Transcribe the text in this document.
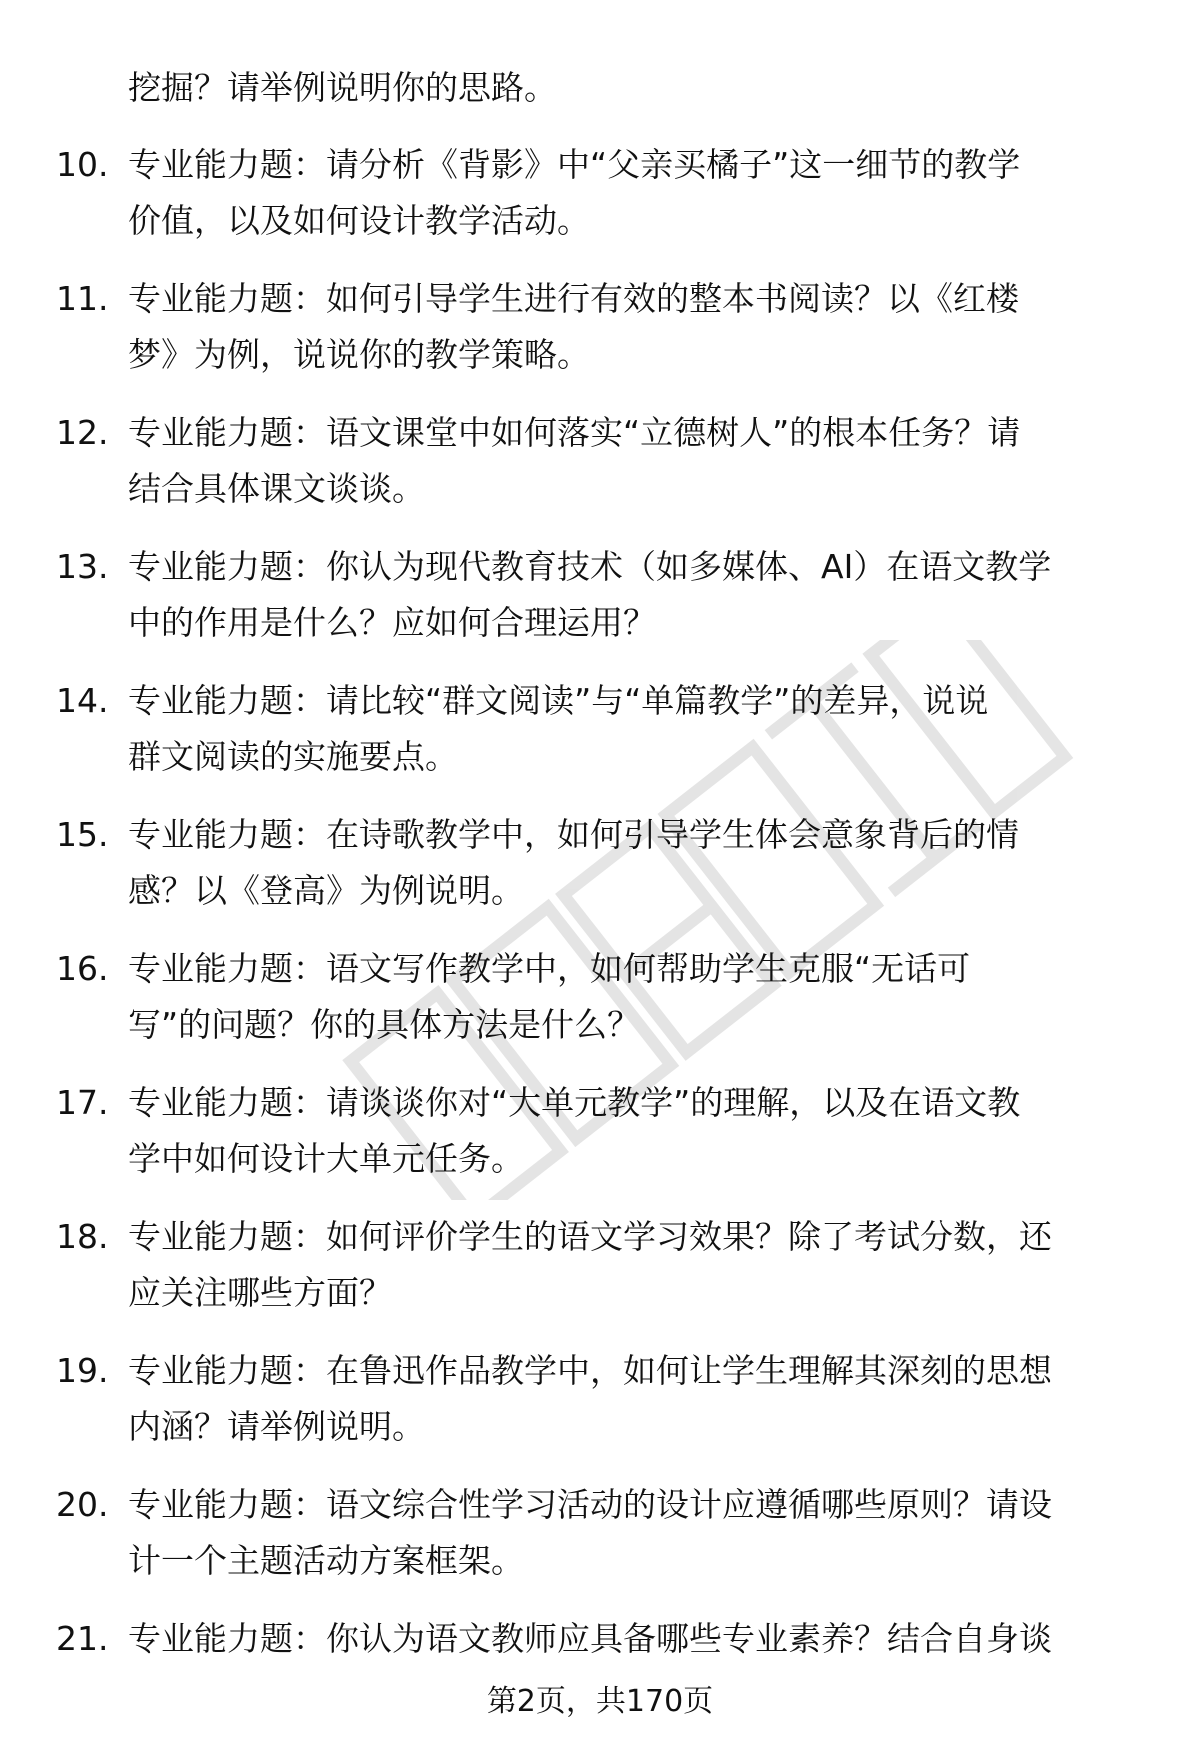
挖掘？请举例说明你的思路。
10. 专业能力题：请分析《背影》中“父亲买橘子”这一细节的教学
价值，以及如何设计教学活动。
11. 专业能力题：如何引导学生进行有效的整本书阅读？以《红楼
梦》为例，说说你的教学策略。
12. 专业能力题：语文课堂中如何落实“立德树人”的根本任务？请
结合具体课文谈谈。
13. 专业能力题：你认为现代教育技术（如多媒体、AI）在语文教学
中的作用是什么？应如何合理运用？
14. 专业能力题：请比较“群文阅读”与“单篇教学”的差异，说说
群文阅读的实施要点。
15. 专业能力题：在诗歌教学中，如何引导学生体会意象背后的情
感？以《登高》为例说明。
16. 专业能力题：语文写作教学中，如何帮助学生克服“无话可
写”的问题？你的具体方法是什么？
17. 专业能力题：请谈谈你对“大单元教学”的理解，以及在语文教
学中如何设计大单元任务。
18. 专业能力题：如何评价学生的语文学习效果？除了考试分数，还
应关注哪些方面？
19. 专业能力题：在鲁迅作品教学中，如何让学生理解其深刻的思想
内涵？请举例说明。
20. 专业能力题：语文综合性学习活动的设计应遵循哪些原则？请设
计一个主题活动方案框架。
21. 专业能力题：你认为语文教师应具备哪些专业素养？结合自身谈
第2页，共170页
